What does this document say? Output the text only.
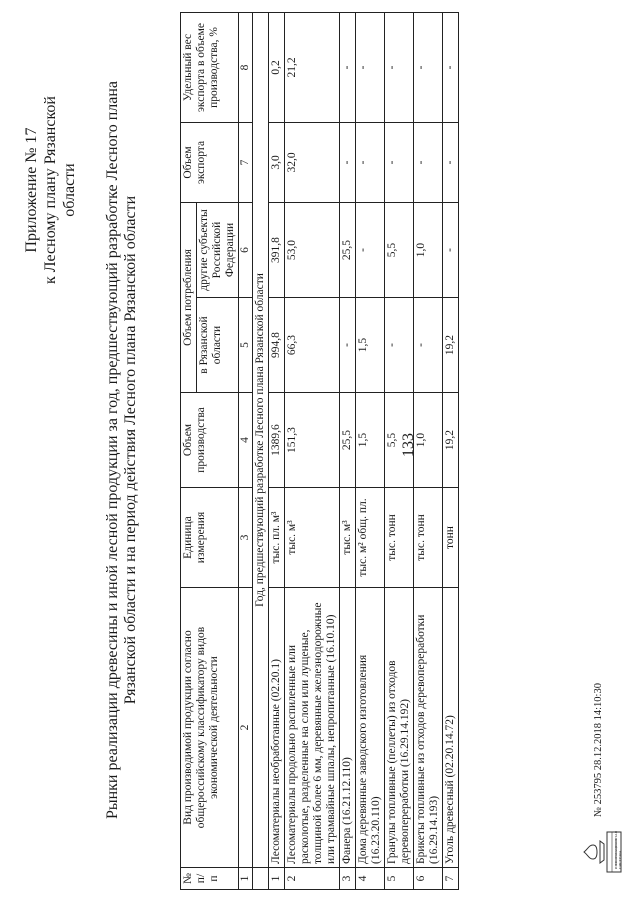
133
Приложение № 17 к Лесному плану Рязанской области Рынки реализации древесины и иной лесной продукции за год, предшествующий разработке Лесного плана Рязанской области и на период действия Лесного плана Рязанской области
№ п/п	Вид производимой продукции согласно общероссийскому классификатору видов экономической деятельности	Единица измерения	Объем производства	Объем потребления		Объем экспорта	Удельный вес экспорта в объеме производства, %
				в Рязанской области	другие субъекты Российской Федерации		
1	2	3	4	5	6	7	8
	Год, предшествующий разработке Лесного плана Рязанской области						
1	Лесоматериалы необработанные (02.20.1)	тыс. пл. м³	1389,6	994,8	391,8	3,0	0,2
2	Лесоматериалы продольно распиленные или расколотые, разделенные на слои или лущеные, толщиной более 6 мм, деревянные железнодорожные или трамвайные шпалы, непропитанные (16.10.10)	тыс. м³	151,3	66,3	53,0	32,0	21,2
3	Фанера (16.21.12.110)	тыс. м³	25,5	-	25,5	-	-
4	Дома деревянные заводского изготовления (16.23.20.110)	тыс. м² общ. пл.	1,5	1,5	-	-	-
5	Гранулы топливные (пеллеты) из отходов деревопереработки (16.29.14.192)	тыс. тонн	5,5	-	5,5	-	-
6	Брикеты топливные из отходов деревопереработки (16.29.14.193)	тыс. тонн	1,0	-	1,0	-	-
7	Уголь древесный (02.20.14.72)	тонн	19,2	19,2	-	-	-
ИНФОРМАЦИОННАЯ СИСТЕМА
№ 253795 28.12.2018 14:10:30
